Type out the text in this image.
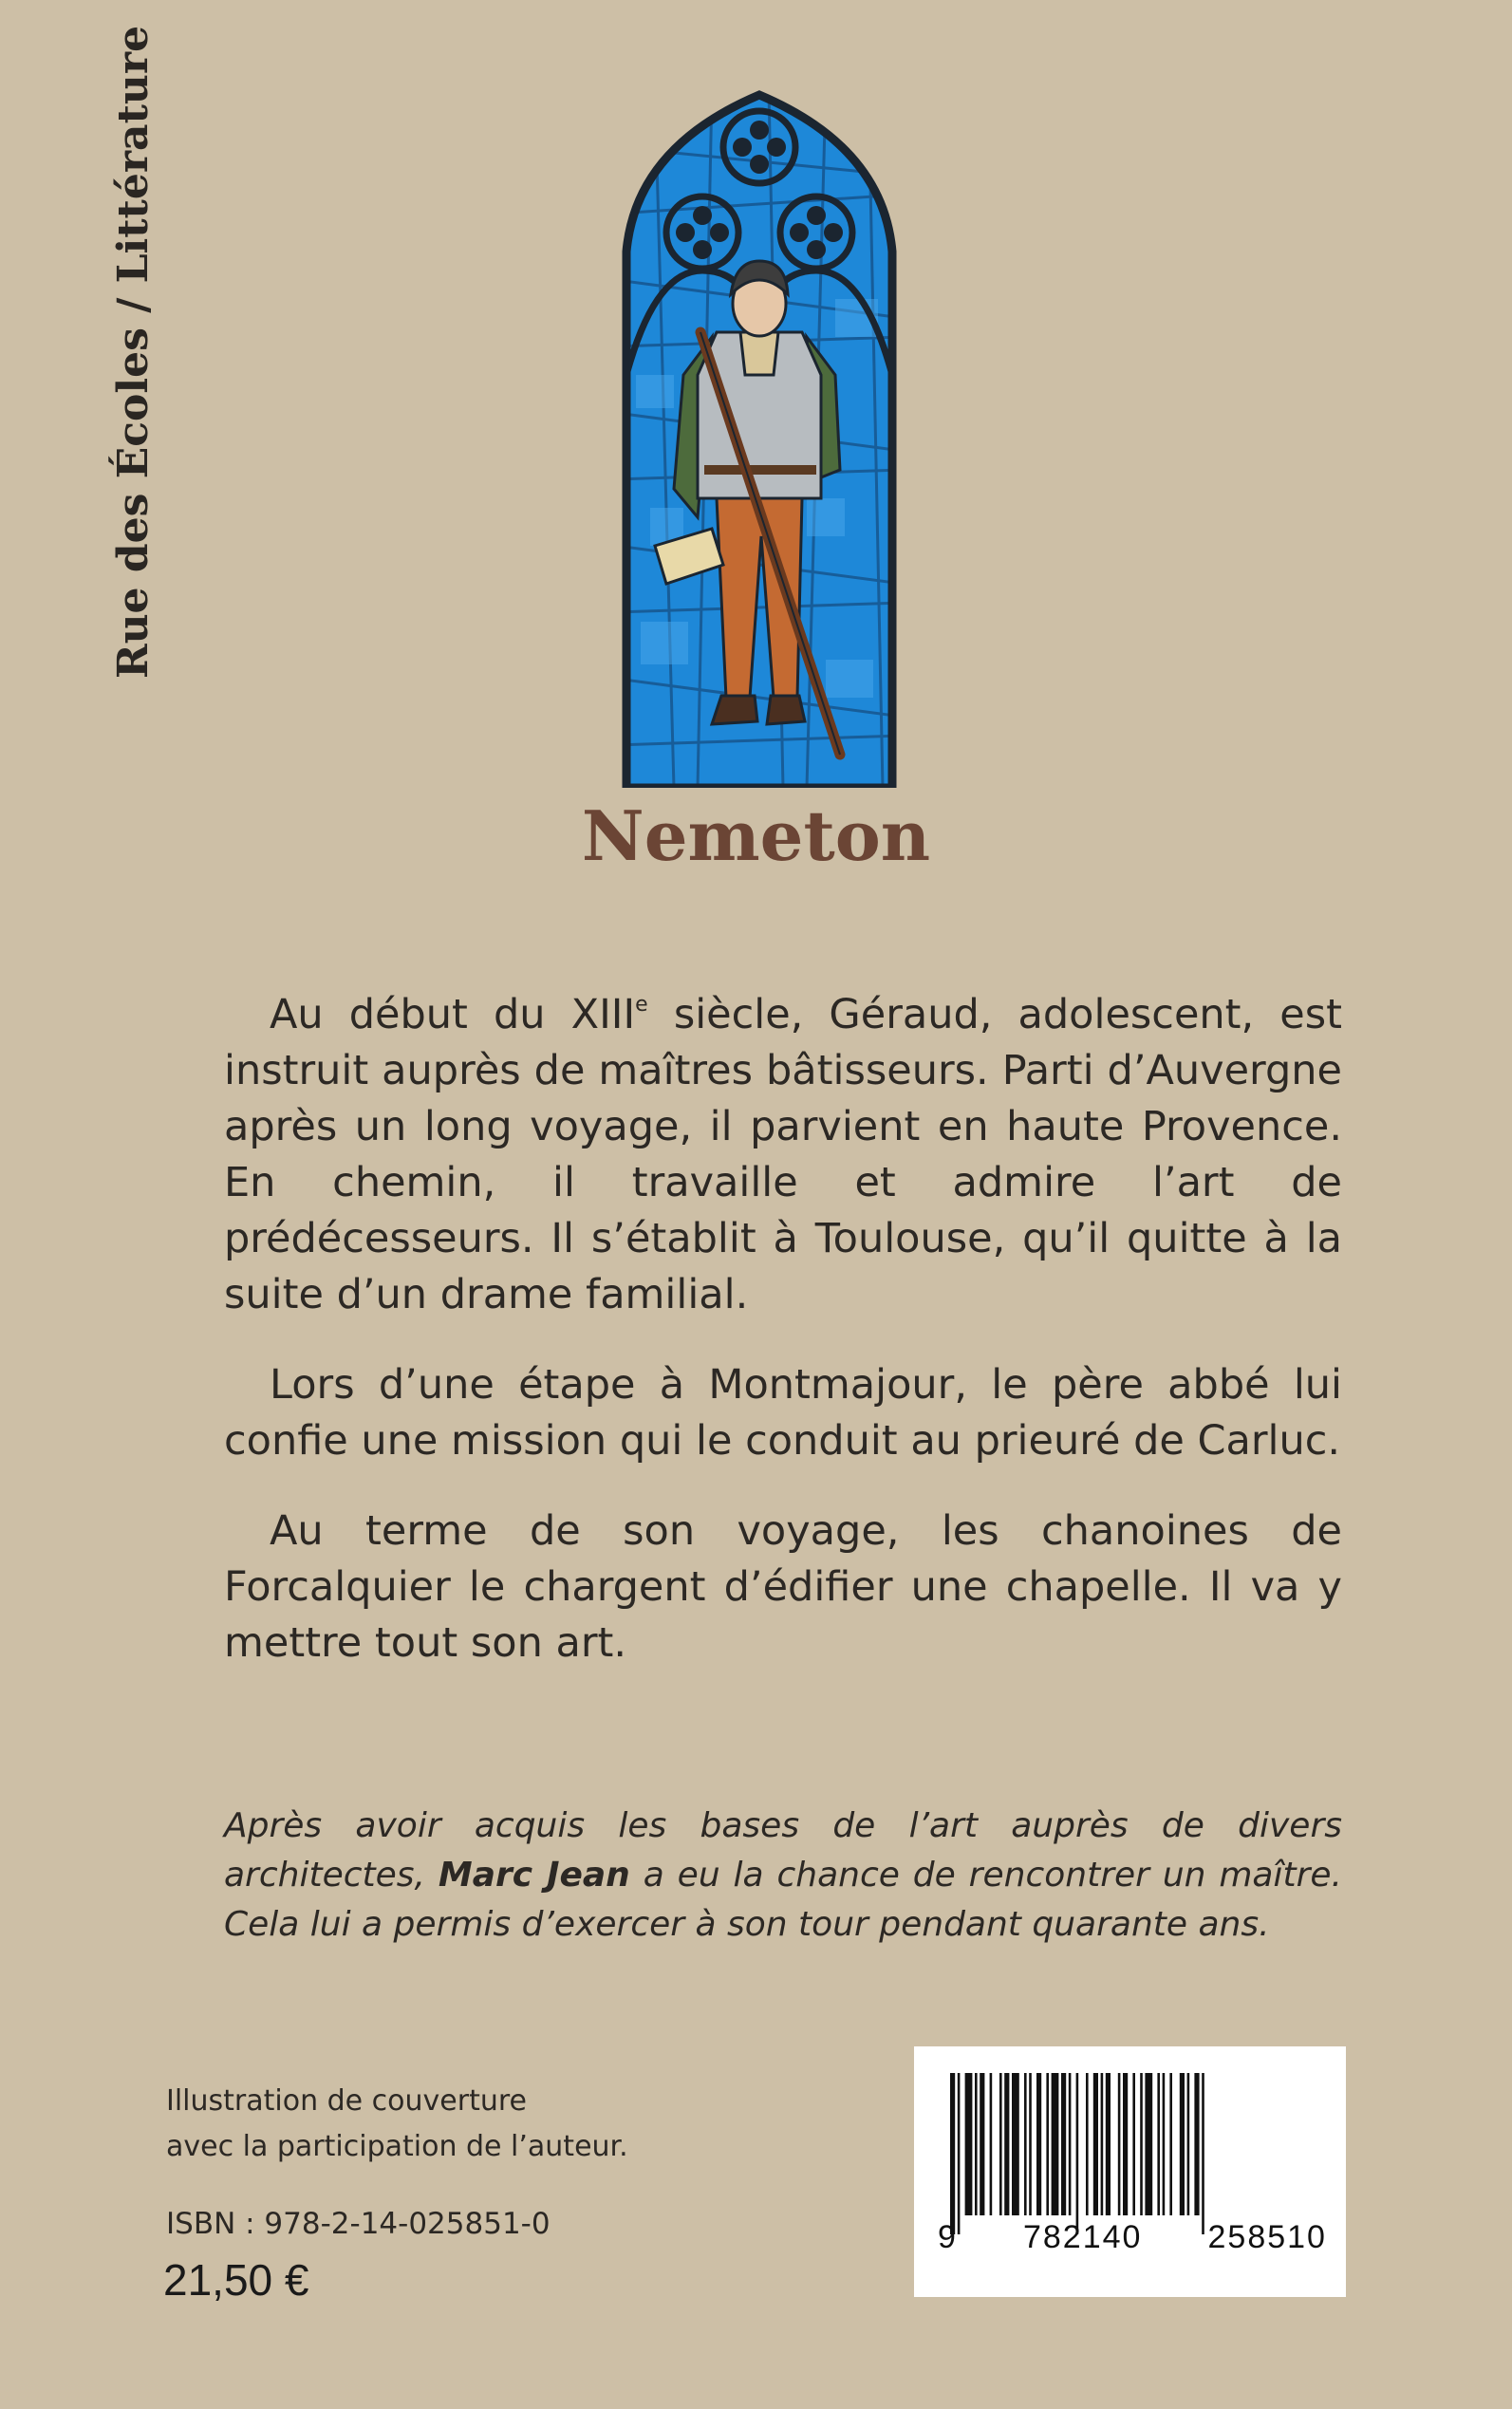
Rue des Écoles / Littérature
Nemeton

Au début du XIIIe siècle, Géraud, adolescent, est instruit auprès de maîtres bâtisseurs. Parti d’Auvergne après un long voyage, il parvient en haute Provence. En chemin, il travaille et admire l’art de prédécesseurs. Il s’établit à Toulouse, qu’il quitte à la suite d’un drame familial.

Lors d’une étape à Montmajour, le père abbé lui confie une mission qui le conduit au prieuré de Carluc.

Au terme de son voyage, les chanoines de Forcalquier le chargent d’édifier une chapelle. Il va y mettre tout son art.

Après avoir acquis les bases de l’art auprès de divers architectes, Marc Jean a eu la chance de rencontrer un maître. Cela lui a permis d’exercer à son tour pendant quarante ans.
Illustration de couverture
avec la participation de l’auteur.
ISBN : 978-2-14-025851-0
21,50 €
9 782140 258510
